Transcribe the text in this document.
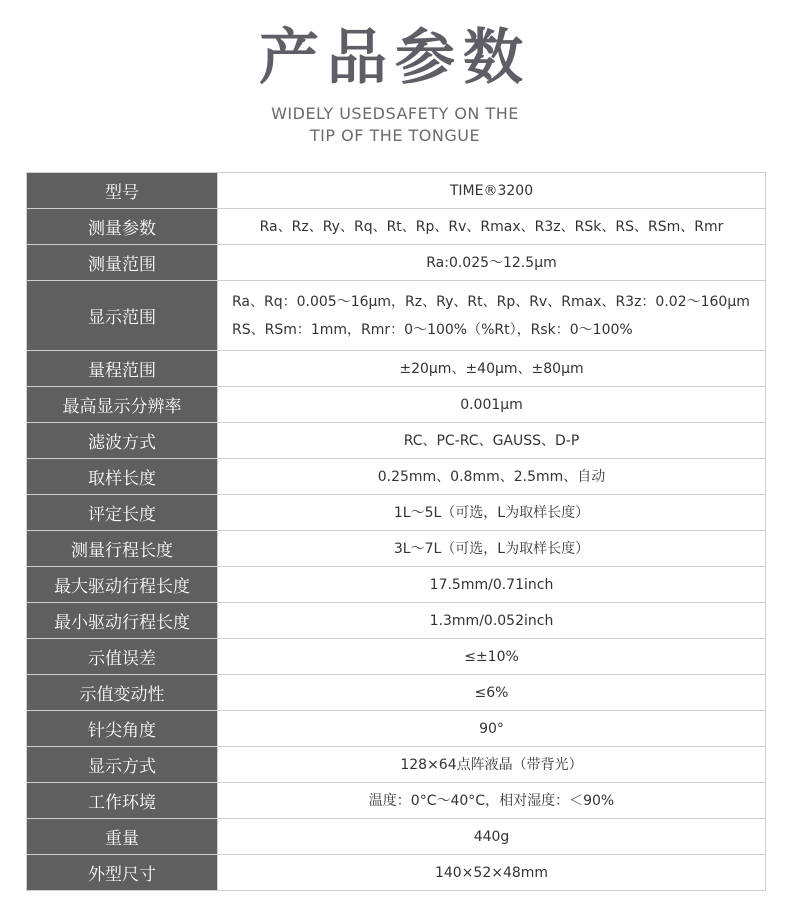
产品参数
WIDELY USEDSAFETY ON THE
TIP OF THE TONGUE
型号	TIME®3200
测量参数	Ra、Rz、Ry、Rq、Rt、Rp、Rv、Rmax、R3z、RSk、RS、RSm、Rmr
测量范围	Ra:0.025～12.5μm
显示范围	Ra、Rq：0.005～16μm，Rz、Ry、Rt、Rp、Rv、Rmax、R3z：0.02～160μm RS、RSm：1mm，Rmr：0～100%（%Rt），Rsk：0～100%
量程范围	±20μm、±40μm、±80μm
最高显示分辨率	0.001μm
滤波方式	RC、PC-RC、GAUSS、D-P
取样长度	0.25mm、0.8mm、2.5mm、自动
评定长度	1L～5L（可选，L为取样长度）
测量行程长度	3L～7L（可选，L为取样长度）
最大驱动行程长度	17.5mm/0.71inch
最小驱动行程长度	1.3mm/0.052inch
示值误差	≤±10%
示值变动性	≤6%
针尖角度	90°
显示方式	128×64点阵液晶（带背光）
工作环境	温度：0°C～40°C，相对湿度：＜90%
重量	440g
外型尺寸	140×52×48mm
